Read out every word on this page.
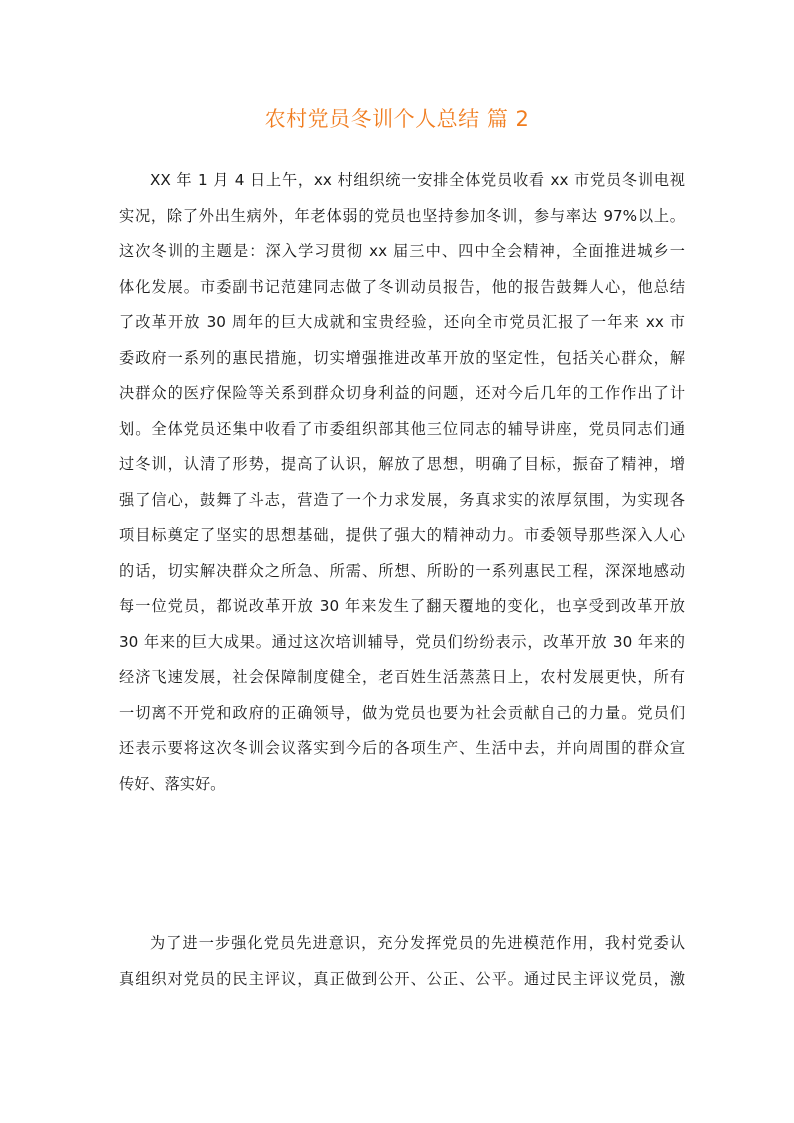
农村党员冬训个人总结 篇 2
XX 年 1 月 4 日上午，xx 村组织统一安排全体党员收看 xx 市党员冬训电视
实况，除了外出生病外，年老体弱的党员也坚持参加冬训，参与率达 97%以上。
这次冬训的主题是：深入学习贯彻 xx 届三中、四中全会精神，全面推进城乡一
体化发展。市委副书记范建同志做了冬训动员报告，他的报告鼓舞人心，他总结
了改革开放 30 周年的巨大成就和宝贵经验，还向全市党员汇报了一年来 xx 市
委政府一系列的惠民措施，切实增强推进改革开放的坚定性，包括关心群众，解
决群众的医疗保险等关系到群众切身利益的问题，还对今后几年的工作作出了计
划。全体党员还集中收看了市委组织部其他三位同志的辅导讲座，党员同志们通
过冬训，认清了形势，提高了认识，解放了思想，明确了目标，振奋了精神，增
强了信心，鼓舞了斗志，营造了一个力求发展，务真求实的浓厚氛围，为实现各
项目标奠定了坚实的思想基础，提供了强大的精神动力。市委领导那些深入人心
的话，切实解决群众之所急、所需、所想、所盼的一系列惠民工程，深深地感动
每一位党员，都说改革开放 30 年来发生了翻天覆地的变化，也享受到改革开放
30 年来的巨大成果。通过这次培训辅导，党员们纷纷表示，改革开放 30 年来的
经济飞速发展，社会保障制度健全，老百姓生活蒸蒸日上，农村发展更快，所有
一切离不开党和政府的正确领导，做为党员也要为社会贡献自己的力量。党员们
还表示要将这次冬训会议落实到今后的各项生产、生活中去，并向周围的群众宣
传好、落实好。
为了进一步强化党员先进意识，充分发挥党员的先进模范作用，我村党委认
真组织对党员的民主评议，真正做到公开、公正、公平。通过民主评议党员，激
